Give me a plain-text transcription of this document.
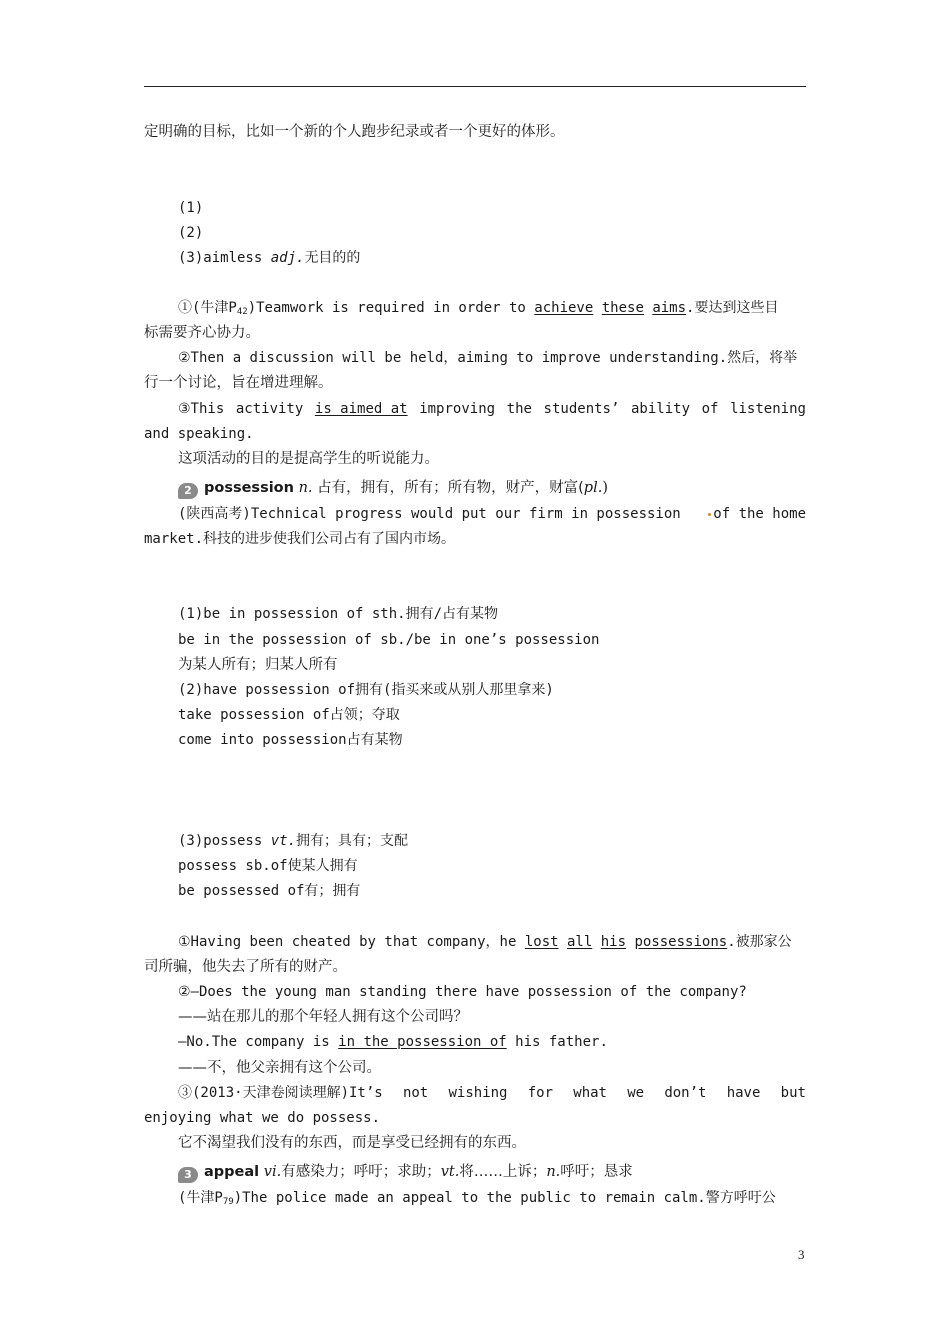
定明确的目标，比如一个新的个人跑步纪录或者一个更好的体形。
(1)
(2)
(3)aimless adj.无目的的
①(牛津$P_{42})Teamwork$ is required in order to achieve these aims.要达到这些目
标需要齐心协力。
②Then a discussion will be held，aiming to improve understanding.然后，将举
行一个讨论，旨在增进理解。
③This activity is aimed at improving the students’ ability of listening
and speaking.
这项活动的目的是提高学生的听说能力。
2 possession n. 占有，拥有，所有；所有物，财产，财富(pl.)
(陕西高考)Technical progress would put our firm in possession	of the home
market.科技的进步使我们公司占有了国内市场。
(1)be in possession of sth.拥有/占有某物
be in the possession of sb./be in one’s possession
为某人所有；归某人所有
(2)have possession of拥有(指买来或从别人那里拿来)
take possession of占领；夺取
come into possession占有某物
(3)possess vt.拥有；具有；支配
possess sb.of使某人拥有
be possessed of有；拥有
①Having been cheated by that company，he lost all his possessions.被那家公
司所骗，他失去了所有的财产。
②—Does the young man standing there have possession of the company?
——站在那儿的那个年轻人拥有这个公司吗？
—No.The company is in the possession of his father.
——不，他父亲拥有这个公司。
③(2013·天津卷阅读理解)It’s not wishing for what we don’t have but
enjoying what we do possess.
它不渴望我们没有的东西，而是享受已经拥有的东西。
3 appeal vi.有感染力；呼吁；求助；vt.将……上诉；n.呼吁；恳求
(牛津$P_{79})The$ police made an appeal to the public to remain calm.警方呼吁公
3
